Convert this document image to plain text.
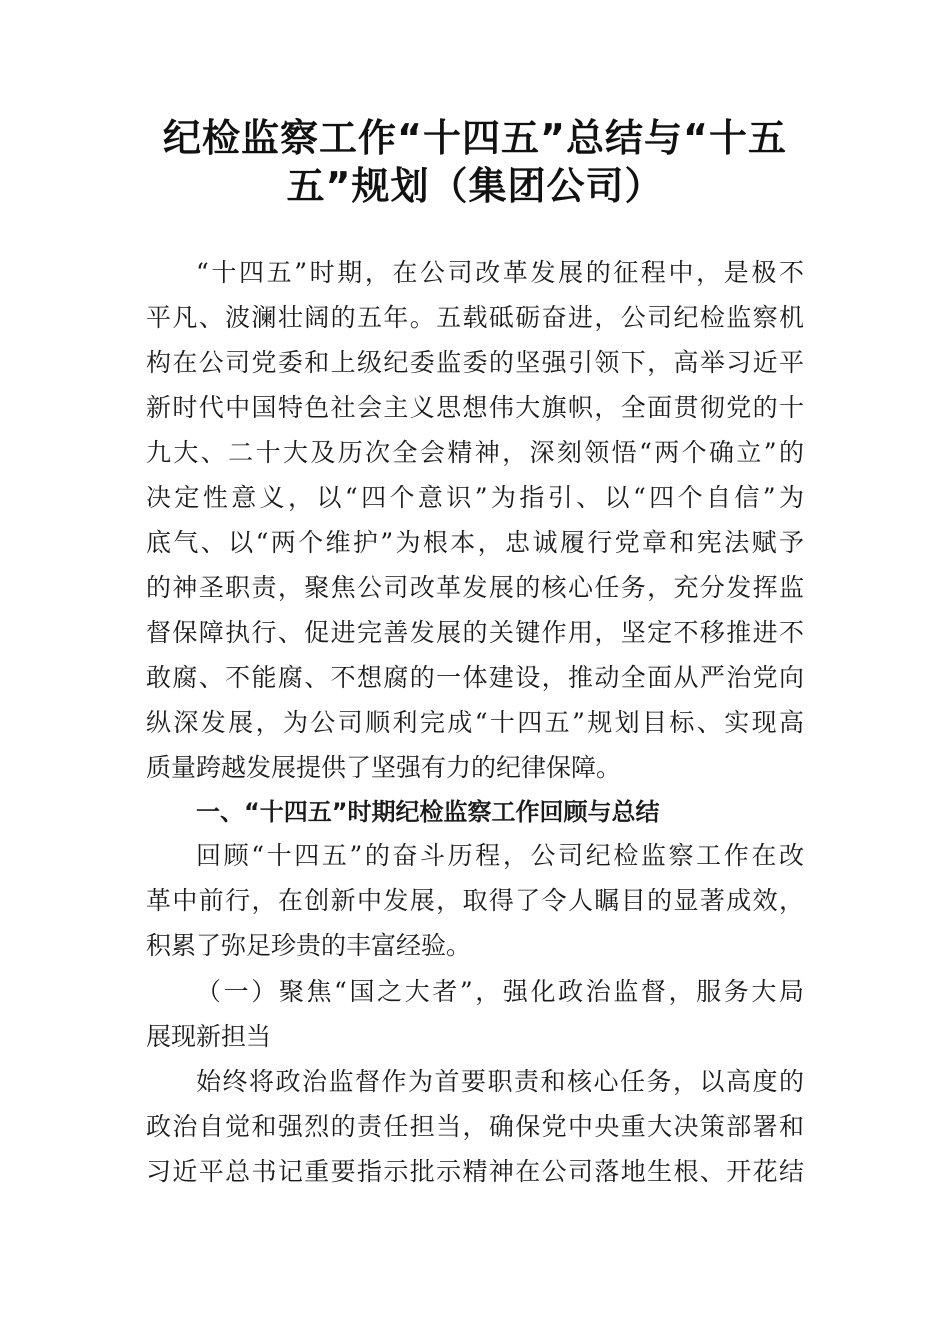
纪检监察工作“十四五”总结与“十五
五”规划（集团公司）
“十四五”时期，在公司改革发展的征程中，是极不
平凡、波澜壮阔的五年。五载砥砺奋进，公司纪检监察机
构在公司党委和上级纪委监委的坚强引领下，高举习近平
新时代中国特色社会主义思想伟大旗帜，全面贯彻党的十
九大、二十大及历次全会精神，深刻领悟“两个确立”的
决定性意义，以“四个意识”为指引、以“四个自信”为
底气、以“两个维护”为根本，忠诚履行党章和宪法赋予
的神圣职责，聚焦公司改革发展的核心任务，充分发挥监
督保障执行、促进完善发展的关键作用，坚定不移推进不
敢腐、不能腐、不想腐的一体建设，推动全面从严治党向
纵深发展，为公司顺利完成“十四五”规划目标、实现高
质量跨越发展提供了坚强有力的纪律保障。
一、“十四五”时期纪检监察工作回顾与总结
回顾“十四五”的奋斗历程，公司纪检监察工作在改
革中前行，在创新中发展，取得了令人瞩目的显著成效，
积累了弥足珍贵的丰富经验。
（一）聚焦“国之大者”，强化政治监督，服务大局
展现新担当
始终将政治监督作为首要职责和核心任务，以高度的
政治自觉和强烈的责任担当，确保党中央重大决策部署和
习近平总书记重要指示批示精神在公司落地生根、开花结
